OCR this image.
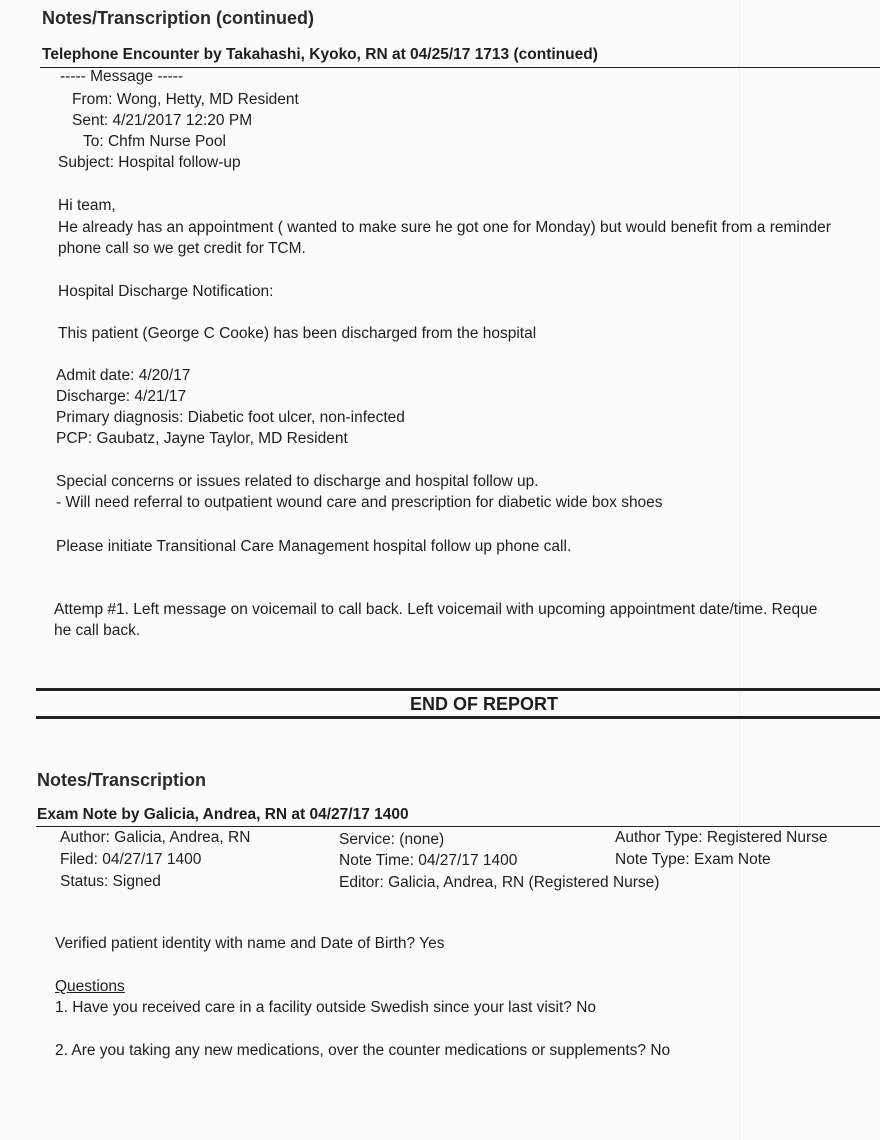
Notes/Transcription (continued)
Telephone Encounter by Takahashi, Kyoko, RN at 04/25/17 1713 (continued)
----- Message -----
From: Wong, Hetty, MD Resident
Sent: 4/21/2017 12:20 PM
To: Chfm Nurse Pool
Subject: Hospital follow-up
Hi team,
He already has an appointment ( wanted to make sure he got one for Monday) but would benefit from a reminder
phone call so we get credit for TCM.
Hospital Discharge Notification:
This patient (George C Cooke) has been discharged from the hospital
Admit date: 4/20/17
Discharge: 4/21/17
Primary diagnosis: Diabetic foot ulcer, non-infected
PCP: Gaubatz, Jayne Taylor, MD Resident
Special concerns or issues related to discharge and hospital follow up.
- Will need referral to outpatient wound care and prescription for diabetic wide box shoes
Please initiate Transitional Care Management hospital follow up phone call.
Attemp #1. Left message on voicemail to call back. Left voicemail with upcoming appointment date/time. Reque
he call back.
END OF REPORT
Notes/Transcription
Exam Note by Galicia, Andrea, RN at 04/27/17 1400
Author: Galicia, Andrea, RN
Filed: 04/27/17 1400
Status: Signed
Service: (none)
Note Time: 04/27/17 1400
Editor: Galicia, Andrea, RN (Registered Nurse)
Author Type: Registered Nurse
Note Type: Exam Note
Verified patient identity with name and Date of Birth? Yes
Questions
1. Have you received care in a facility outside Swedish since your last visit? No
2. Are you taking any new medications, over the counter medications or supplements? No
